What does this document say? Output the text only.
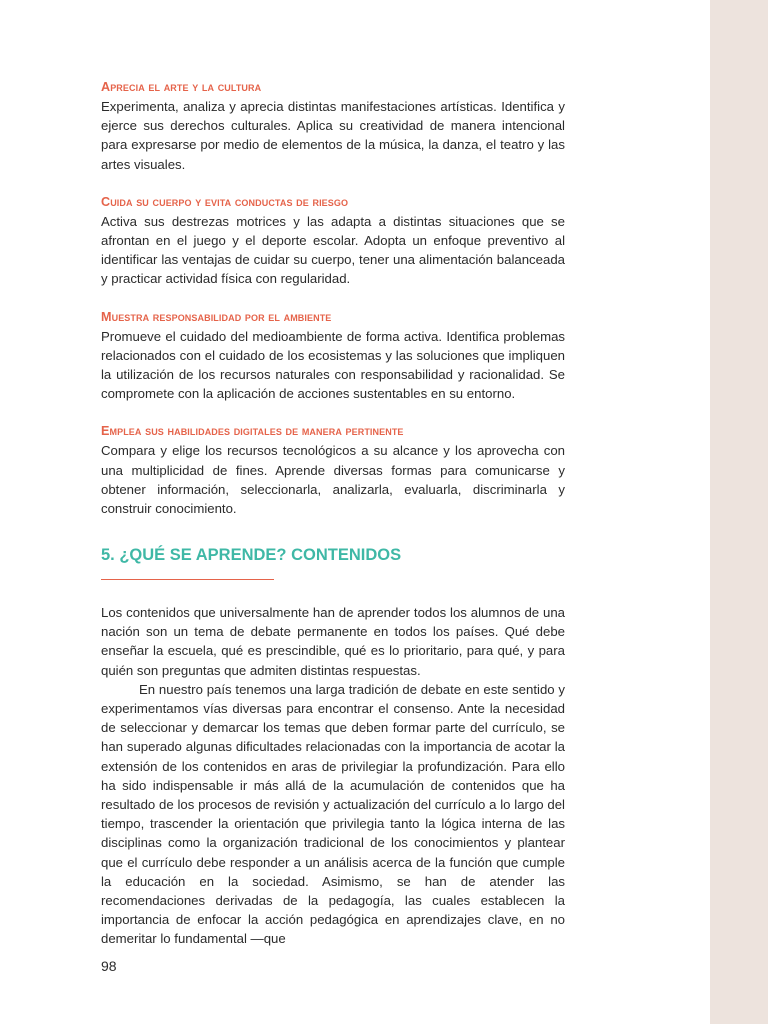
Aprecia el arte y la cultura
Experimenta, analiza y aprecia distintas manifestaciones artísticas. Identifica y ejerce sus derechos culturales. Aplica su creatividad de manera intencional para expresarse por medio de elementos de la música, la danza, el teatro y las artes visuales.
Cuida su cuerpo y evita conductas de riesgo
Activa sus destrezas motrices y las adapta a distintas situaciones que se afrontan en el juego y el deporte escolar. Adopta un enfoque preventivo al identificar las ventajas de cuidar su cuerpo, tener una alimentación balanceada y practicar actividad física con regularidad.
Muestra responsabilidad por el ambiente
Promueve el cuidado del medioambiente de forma activa. Identifica problemas relacionados con el cuidado de los ecosistemas y las soluciones que impliquen la utilización de los recursos naturales con responsabilidad y racionalidad. Se compromete con la aplicación de acciones sustentables en su entorno.
Emplea sus habilidades digitales de manera pertinente
Compara y elige los recursos tecnológicos a su alcance y los aprovecha con una multiplicidad de fines. Aprende diversas formas para comunicarse y obtener información, seleccionarla, analizarla, evaluarla, discriminarla y construir conocimiento.
5. ¿QUÉ SE APRENDE? CONTENIDOS

Los contenidos que universalmente han de aprender todos los alumnos de una nación son un tema de debate permanente en todos los países. Qué debe enseñar la escuela, qué es prescindible, qué es lo prioritario, para qué, y para quién son preguntas que admiten distintas respuestas.

En nuestro país tenemos una larga tradición de debate en este sentido y experimentamos vías diversas para encontrar el consenso. Ante la necesidad de seleccionar y demarcar los temas que deben formar parte del currículo, se han superado algunas dificultades relacionadas con la importancia de acotar la extensión de los contenidos en aras de privilegiar la profundización. Para ello ha sido indispensable ir más allá de la acumulación de contenidos que ha resultado de los procesos de revisión y actualización del currículo a lo largo del tiempo, trascender la orientación que privilegia tanto la lógica interna de las disciplinas como la organización tradicional de los conocimientos y plantear que el currículo debe responder a un análisis acerca de la función que cumple la educación en la sociedad. Asimismo, se han de atender las recomendaciones derivadas de la pedagogía, las cuales establecen la importancia de enfocar la acción pedagógica en aprendizajes clave, en no demeritar lo fundamental —que

98
